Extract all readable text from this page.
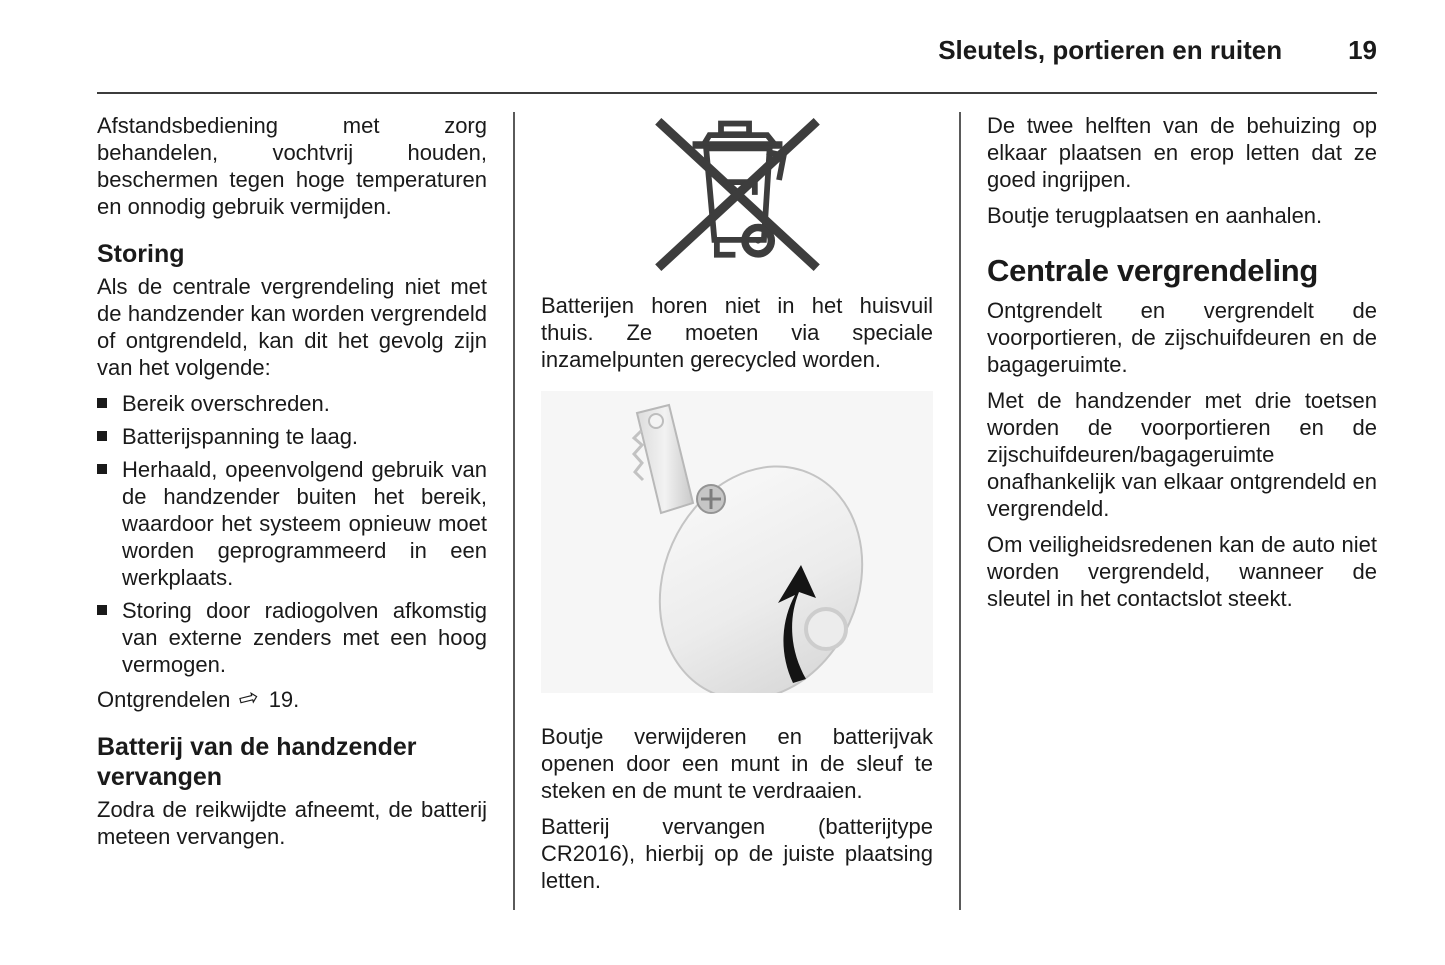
Sleutels, portieren en ruiten	19

Afstandsbediening met zorg behandelen, vochtvrij houden, beschermen tegen hoge temperaturen en onnodig gebruik vermijden.

Storing

Als de centrale vergrendeling niet met de handzender kan worden vergrendeld of ontgrendeld, kan dit het gevolg zijn van het volgende:

Bereik overschreden.
Batterijspanning te laag.
Herhaald, opeenvolgend gebruik van de handzender buiten het bereik, waardoor het systeem opnieuw moet worden geprogrammeerd in een werkplaats.
Storing door radiogolven afkomstig van externe zenders met een hoog vermogen.

Ontgrendelen ⇨ 19.

Batterij van de handzender vervangen

Zodra de reikwijdte afneemt, de batterij meteen vervangen.

Batterijen horen niet in het huisvuil thuis. Ze moeten via speciale inzamelpunten gerecycled worden.

Boutje verwijderen en batterijvak openen door een munt in de sleuf te steken en de munt te verdraaien.

Batterij vervangen (batterijtype CR2016), hierbij op de juiste plaatsing letten.

De twee helften van de behuizing op elkaar plaatsen en erop letten dat ze goed ingrijpen.

Boutje terugplaatsen en aanhalen.

Centrale vergrendeling

Ontgrendelt en vergrendelt de voorportieren, de zijschuifdeuren en de bagageruimte.

Met de handzender met drie toetsen worden de voorportieren en de zijschuifdeuren/bagageruimte onafhankelijk van elkaar ontgrendeld en vergrendeld.

Om veiligheidsredenen kan de auto niet worden vergrendeld, wanneer de sleutel in het contactslot steekt.
